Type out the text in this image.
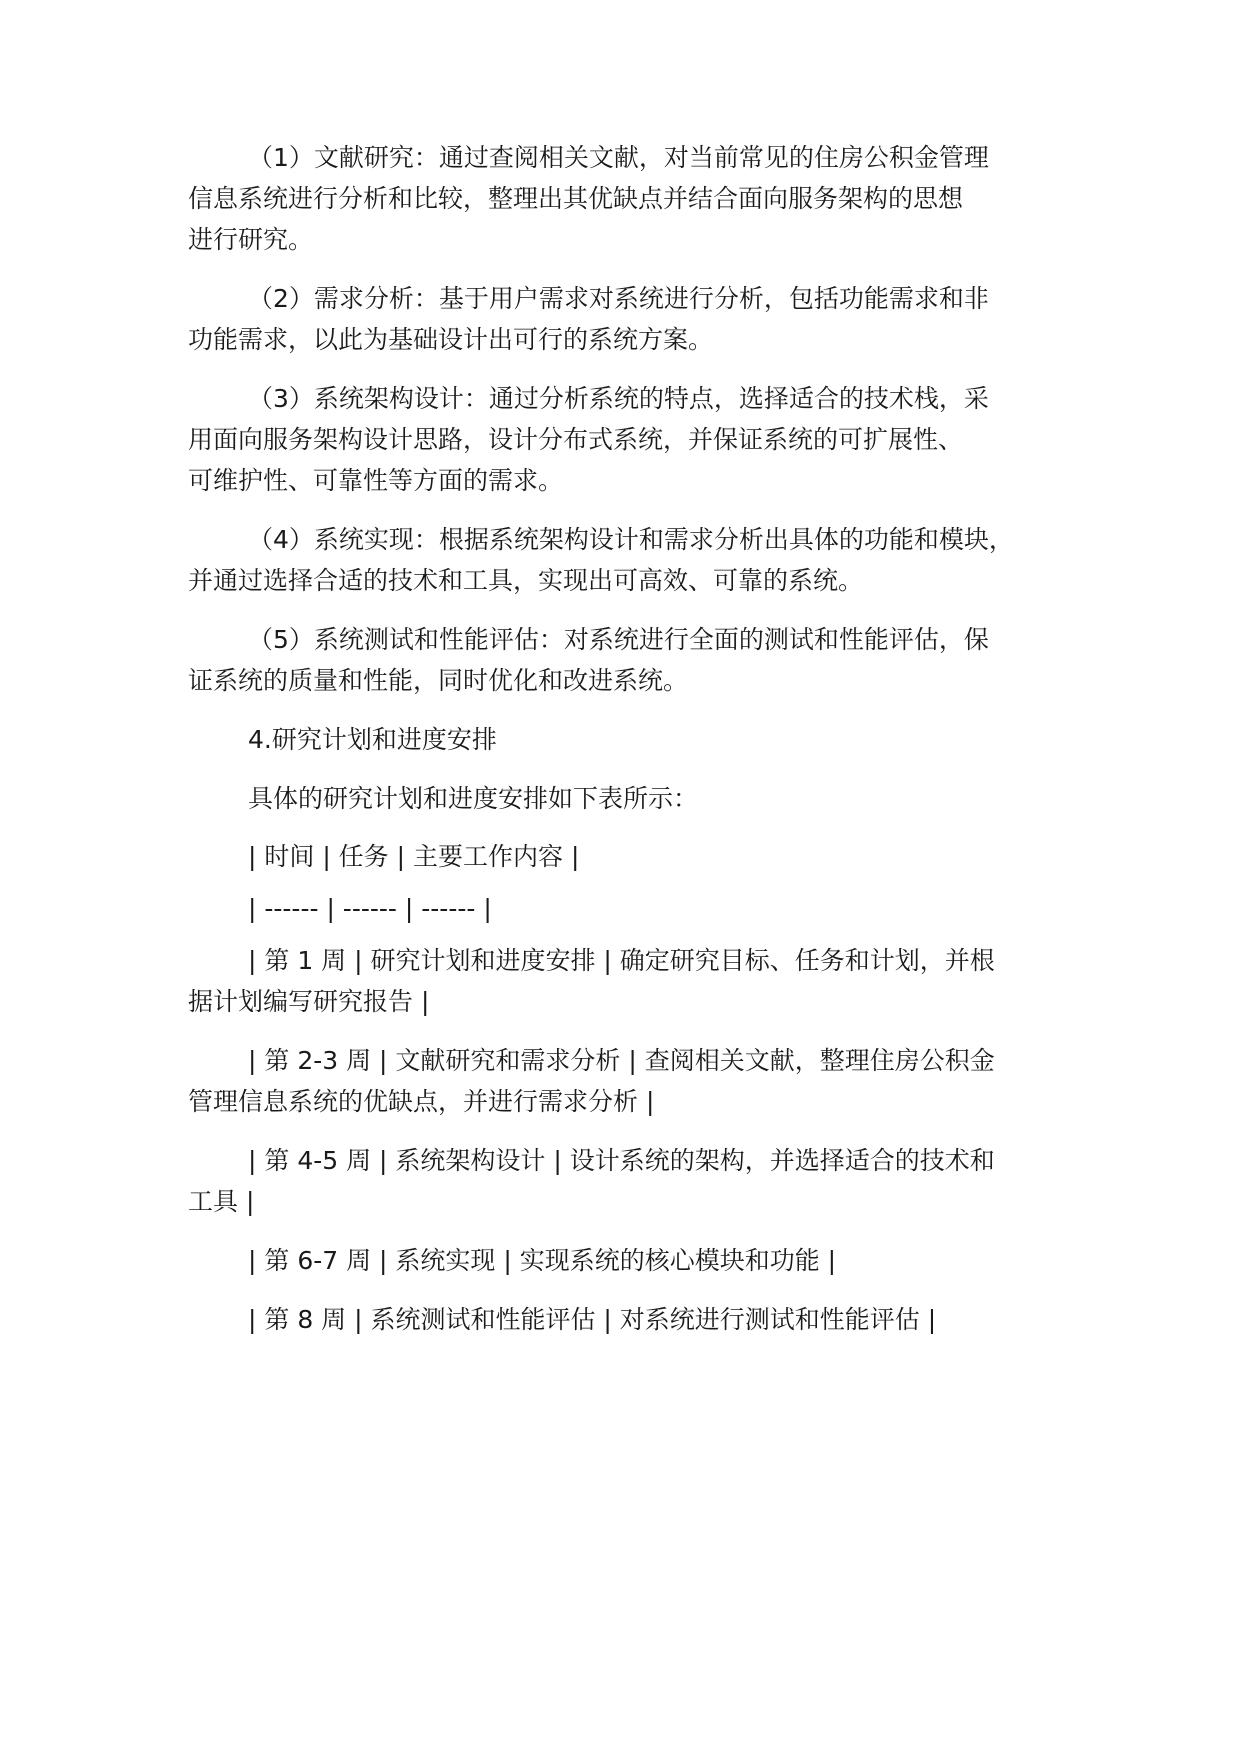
（1）文献研究：通过查阅相关文献，对当前常见的住房公积金管理
信息系统进行分析和比较，整理出其优缺点并结合面向服务架构的思想
进行研究。
（2）需求分析：基于用户需求对系统进行分析，包括功能需求和非
功能需求，以此为基础设计出可行的系统方案。
（3）系统架构设计：通过分析系统的特点，选择适合的技术栈，采
用面向服务架构设计思路，设计分布式系统，并保证系统的可扩展性、
可维护性、可靠性等方面的需求。
（4）系统实现：根据系统架构设计和需求分析出具体的功能和模块，
并通过选择合适的技术和工具，实现出可高效、可靠的系统。
（5）系统测试和性能评估：对系统进行全面的测试和性能评估，保
证系统的质量和性能，同时优化和改进系统。
4.研究计划和进度安排
具体的研究计划和进度安排如下表所示：
| 时间 | 任务 | 主要工作内容 |
| ------ | ------ | ------ |
| 第 1 周 | 研究计划和进度安排 | 确定研究目标、任务和计划，并根
据计划编写研究报告 |
| 第 2-3 周 | 文献研究和需求分析 | 查阅相关文献，整理住房公积金
管理信息系统的优缺点，并进行需求分析 |
| 第 4-5 周 | 系统架构设计 | 设计系统的架构，并选择适合的技术和
工具 |
| 第 6-7 周 | 系统实现 | 实现系统的核心模块和功能 |
| 第 8 周 | 系统测试和性能评估 | 对系统进行测试和性能评估 |
